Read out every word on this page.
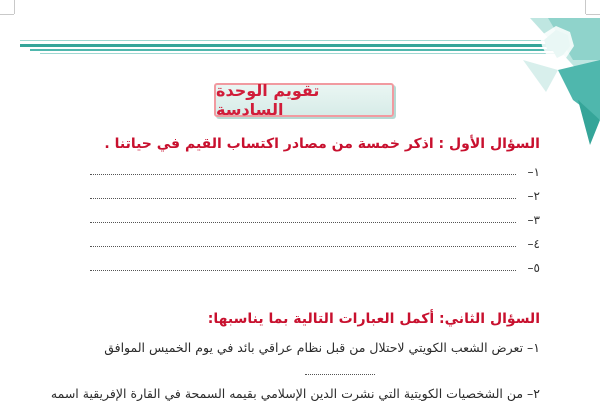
تقويم الوحدة السادسة
السؤال الأول : اذكر خمسة من مصادر اكتساب القيم في حياتنا .
١–
٢–
٣–
٤–
٥–
السؤال الثاني: أكمل العبارات التالية بما يناسبها:
١– تعرض الشعب الكويتي لاحتلال من قبل نظام عراقي بائد في يوم الخميس الموافق
٢– من الشخصيات الكويتية التي نشرت الدين الإسلامي بقيمه السمحة في القارة الإفريقية اسمه
